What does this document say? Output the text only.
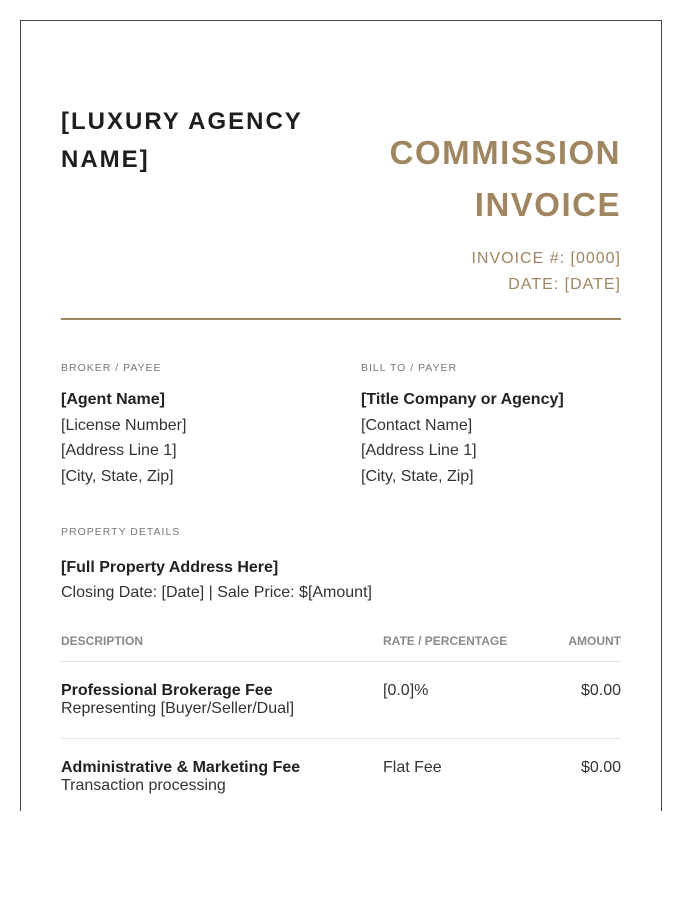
[LUXURY AGENCY NAME]	COMMISSION
INVOICE
INVOICE #: [0000]
DATE: [DATE]
BROKER / PAYEE
[Agent Name]
[License Number]
[Address Line 1]
[City, State, Zip]
BILL TO / PAYER
[Title Company or Agency]
[Contact Name]
[Address Line 1]
[City, State, Zip]
PROPERTY DETAILS
[Full Property Address Here]
Closing Date: [Date] | Sale Price: $[Amount]
DESCRIPTION	RATE / PERCENTAGE	AMOUNT
Professional Brokerage Fee
Representing [Buyer/Seller/Dual]
[0.0]%	$0.00
Administrative & Marketing Fee
Transaction processing
Flat Fee	$0.00
